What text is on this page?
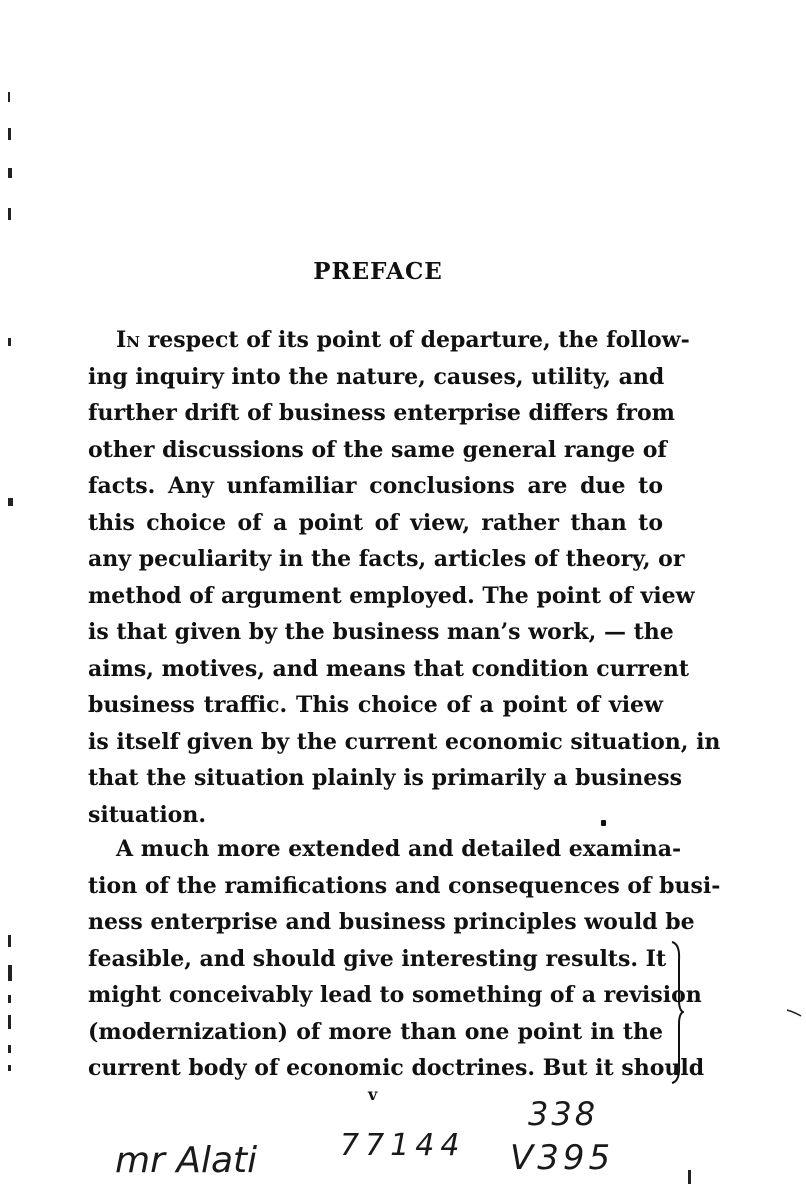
PREFACE
In respect of its point of departure, the follow-
ing inquiry into the nature, causes, utility, and
further drift of business enterprise differs from
other discussions of the same general range of
facts. Any unfamiliar conclusions are due to
this choice of a point of view, rather than to
any peculiarity in the facts, articles of theory, or
method of argument employed. The point of view
is that given by the business man’s work, — the
aims, motives, and means that condition current
business traffic. This choice of a point of view
is itself given by the current economic situation, in
that the situation plainly is primarily a business
situation.
A much more extended and detailed examina-
tion of the ramifications and consequences of busi-
ness enterprise and business principles would be
feasible, and should give interesting results. It
might conceivably lead to something of a revision
(modernization) of more than one point in the
current body of economic doctrines. But it should
v
mr Alati	77144
338
V395
